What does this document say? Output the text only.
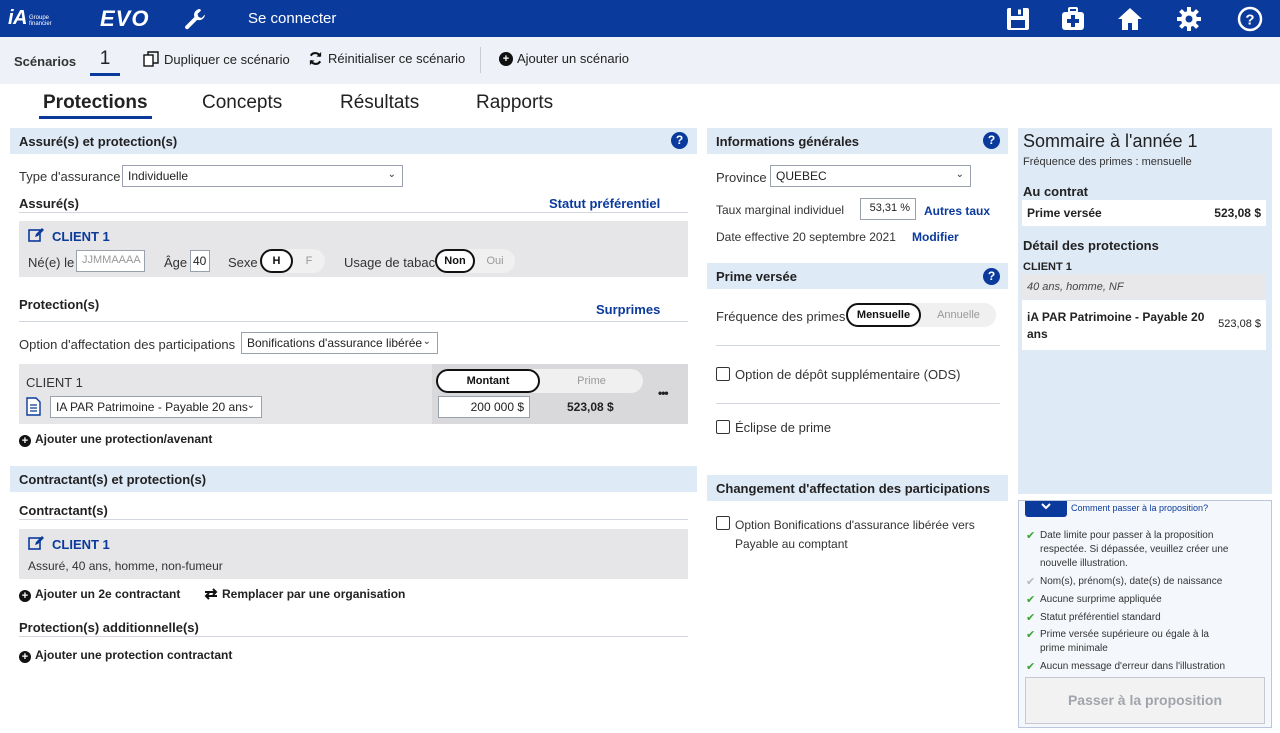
iA Groupe
financier EVO	Se connecter	?
Scénarios	1	Dupliquer ce scénario	Réinitialiser ce scénario	+ Ajouter un scénario
Protections	Concepts	Résultats	Rapports
Assuré(s) et protection(s)	?
Type d'assurance Individuelle	⌄
Assuré(s)	Statut préférentiel
CLIENT 1
Né(e) le JJMMAAAA	Âge 40 Sexe	H	F	Usage de tabac Non	Oui
Protection(s)	Surprimes
Option d'affectation des participations Bonifications d'assurance libérée ⌄
CLIENT 1
IA PAR Patrimoine - Payable 20 ans
⌄
Montant	Prime
200 000 $	523,08 $
•••
+ Ajouter une protection/avenant
Contractant(s) et protection(s)
Contractant(s)
CLIENT 1
Assuré, 40 ans, homme, non-fumeur
+ Ajouter un 2e contractant	Remplacer par une organisation
Protection(s) additionnelle(s)
+ Ajouter une protection contractant
Informations générales	?
Province QUEBEC	⌄
Taux marginal individuel	53,31 %	Autres taux
Date effective 20 septembre 2021 Modifier
Prime versée	?
Fréquence des primes	Mensuelle	Annuelle
Option de dépôt supplémentaire (ODS)
Éclipse de prime
Changement d'affectation des participations
Option Bonifications d'assurance libérée vers
Payable au comptant
Sommaire à l'année 1
Fréquence des primes : mensuelle
Au contrat
Prime versée	523,08 $
Détail des protections
CLIENT 1
40 ans, homme, NF
iA PAR Patrimoine - Payable 20
ans
523,08 $
Comment passer à la proposition?
✔ Date limite pour passer à la proposition
respectée. Si dépassée, veuillez créer une
nouvelle illustration.
✔ Nom(s), prénom(s), date(s) de naissance
✔ Aucune surprime appliquée
✔ Statut préférentiel standard
✔ Prime versée supérieure ou égale à la
prime minimale
✔ Aucun message d'erreur dans l'illustration
Passer à la proposition
